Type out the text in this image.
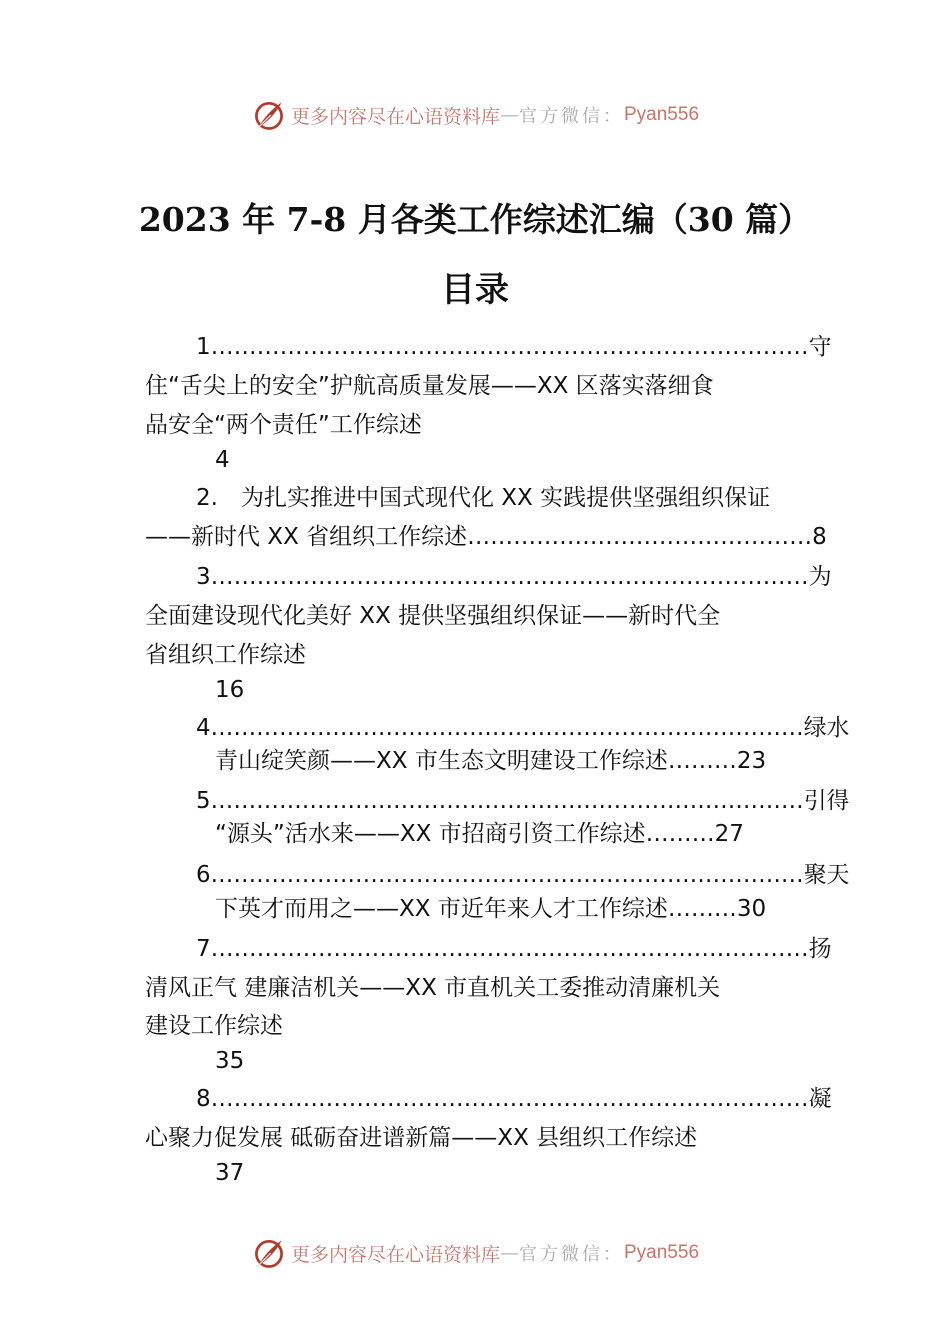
更多内容尽在心语资料库 — 官方微信： Pyan556
2023 年 7-8 月各类工作综述汇编（30 篇）
目录
1……………………………………………………………………守
住“舌尖上的安全”护航高质量发展——XX 区落实落细食
品安全“两个责任”工作综述
4
2.　为扎实推进中国式现代化 XX 实践提供坚强组织保证
——新时代 XX 省组织工作综述………………………………………8
3……………………………………………………………………为
全面建设现代化美好 XX 提供坚强组织保证——新时代全
省组织工作综述
16
4……………………………………………………………………绿水
青山绽笑颜——XX 市生态文明建设工作综述………23
5……………………………………………………………………引得
“源头”活水来——XX 市招商引资工作综述………27
6……………………………………………………………………聚天
下英才而用之——XX 市近年来人才工作综述………30
7……………………………………………………………………扬
清风正气 建廉洁机关——XX 市直机关工委推动清廉机关
建设工作综述
35
8……………………………………………………………………凝
心聚力促发展 砥砺奋进谱新篇——XX 县组织工作综述
37
更多内容尽在心语资料库 — 官方微信： Pyan556
